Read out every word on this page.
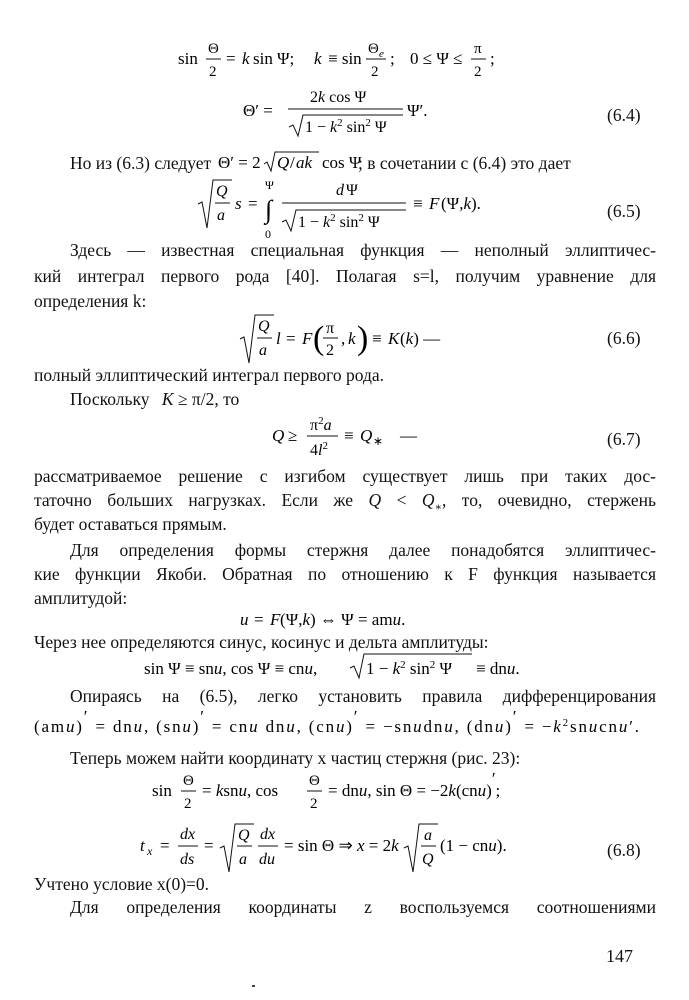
sin Θ
2
= k sin Ψ; k ≡ sin Θ e
2
; 0 ≤ Ψ ≤ π
2
;
Θ′ =
2k cos Ψ
$1 - k^2$ $\sin^2 \Psi$
Ψ′.	(6.4)
Но из (6.3) следует Θ′ = 2 Q / ak cos Ψ
; в сочетании с (6.4) это дает
Q
a
s =
Ψ
∫
0
d Ψ
$1 - k^2$ $\sin^2 \Psi$
≡ F (Ψ,k).	(6.5)
Здесь — известная специальная функция — неполный эллиптичес-
кий интеграл первого рода [40]. Полагая s=l, получим уравнение для
определения k:
Q
a
l = F ( π
2
, k ) ≡ K (k) —	(6.6)
полный эллиптический интеграл первого рода.
Поскольку K ≥ π/2, то
Q ≥
$\pi^2a$
$4l^2$
≡ Q ∗ —	(6.7)
рассматриваемое решение с изгибом существует лишь при таких дос-
таточно больших нагрузках. Если же $Q < Q_∗$, то, очевидно, стержень
будет оставаться прямым.
Для определения формы стержня далее понадобятся эллиптичес-
кие функции Якоби. Обратная по отношению к F функция называется
амплитудой:
u = F (Ψ,k) ⇔ Ψ = amu.
Через нее определяются синус, косинус и дельта амплитуды:
sin Ψ ≡ snu, cos Ψ ≡ cnu,	$1 - k^2$ $\sin^2 \Psi$ ≡ dnu.
Опираясь на (6.5), легко установить правила дифференцирования
(am u )′ = dn u , (sn u )′ = cn u dn u , (cn u )′ = −sn u dn u , (dn u )′ = − k $^2$ sn u cn u ′.
Теперь можем найти координату x частиц стержня (рис. 23):
sin Θ
2
= ksnu, cos Θ
2
= dnu, sin Θ = −2k(cnu)′;
t x =
dx
ds
=
Q
a
dx
du
= sin Θ ⇒ x = 2k
a
Q
(1 − cnu).	(6.8)
Учтено условие x(0)=0.
Для определения координаты z воспользуемся соотношениями
147
